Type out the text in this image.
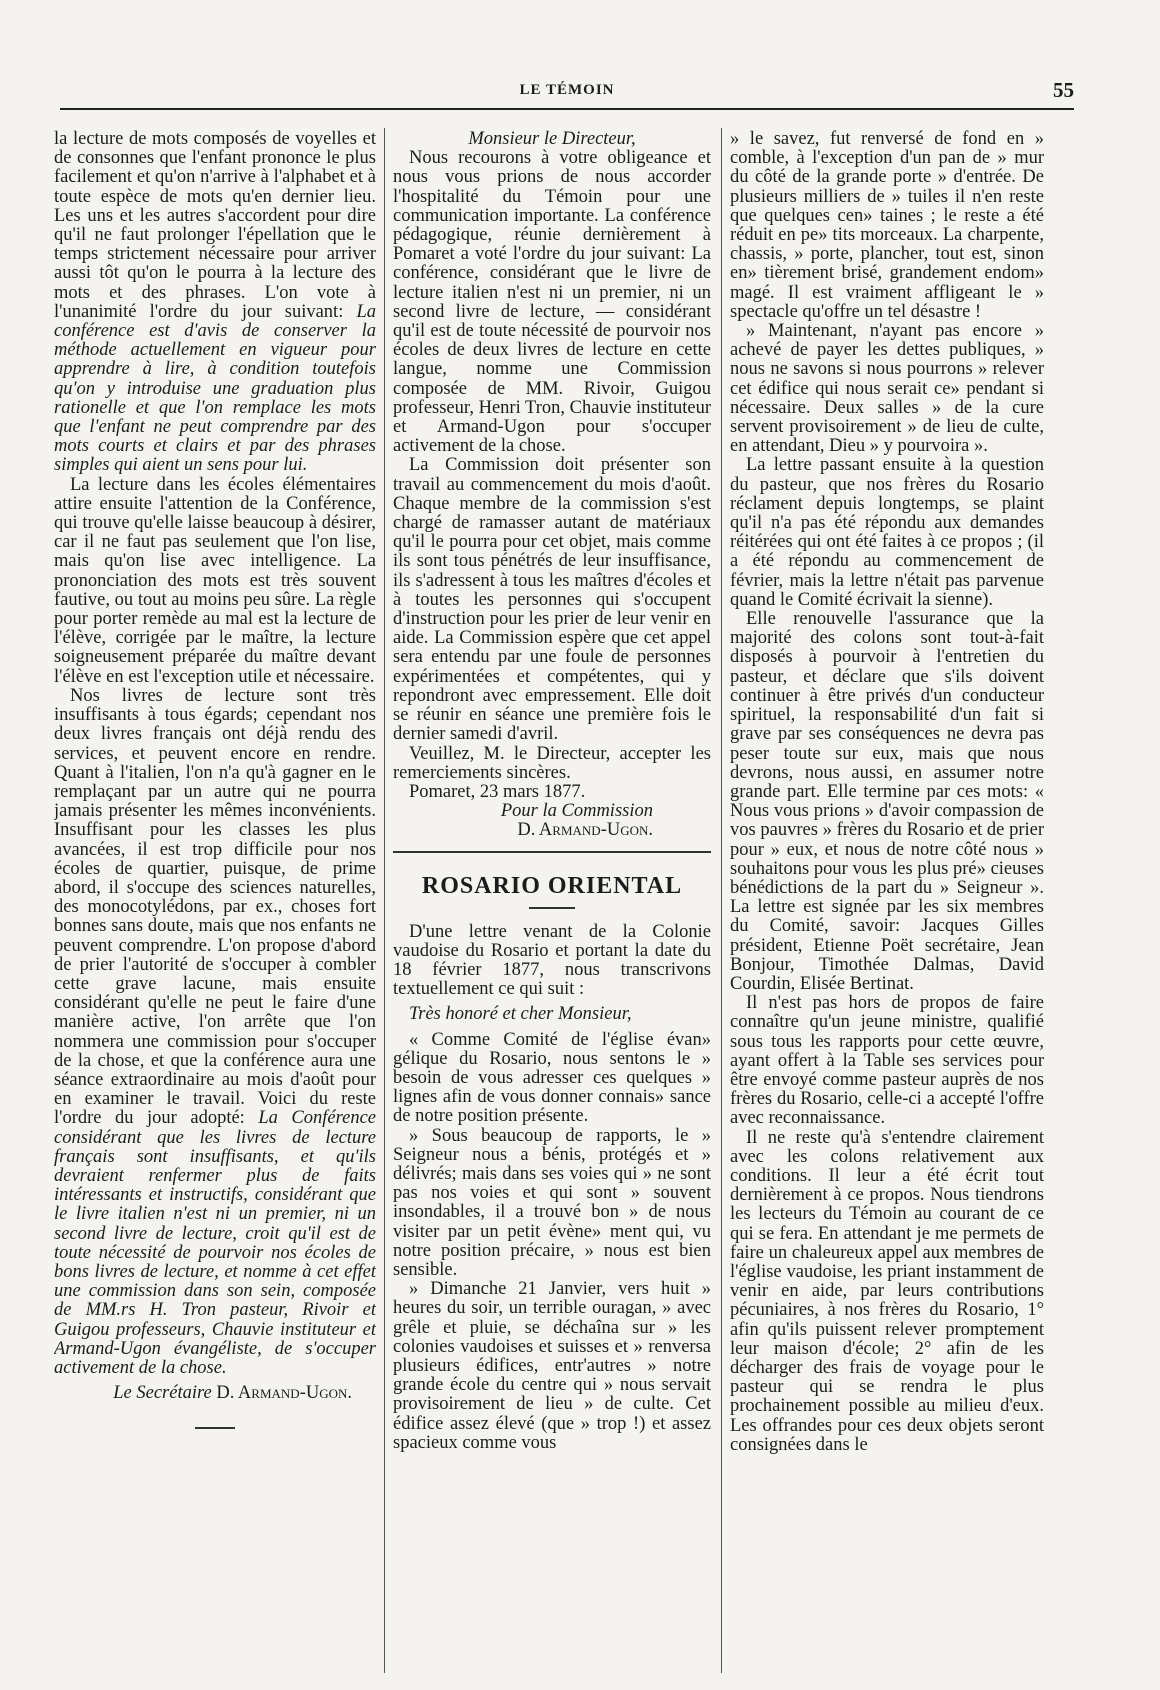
LE TÉMOIN	55

la lecture de mots composés de voyelles et de consonnes que l'enfant prononce le plus facilement et qu'on n'arrive à l'alphabet et à toute espèce de mots qu'en dernier lieu. Les uns et les autres s'accordent pour dire qu'il ne faut prolonger l'épellation que le temps strictement nécessaire pour arriver aussi tôt qu'on le pourra à la lecture des mots et des phrases. L'on vote à l'unanimité l'ordre du jour suivant: La conférence est d'avis de conserver la méthode actuellement en vigueur pour apprendre à lire, à condition toutefois qu'on y introduise une graduation plus rationelle et que l'on remplace les mots que l'enfant ne peut comprendre par des mots courts et clairs et par des phrases simples qui aient un sens pour lui.

La lecture dans les écoles élémentaires attire ensuite l'attention de la Conférence, qui trouve qu'elle laisse beaucoup à désirer, car il ne faut pas seulement que l'on lise, mais qu'on lise avec intelligence. La prononciation des mots est très souvent fautive, ou tout au moins peu sûre. La règle pour porter remède au mal est la lecture de l'élève, corrigée par le maître, la lecture soigneusement préparée du maître devant l'élève en est l'exception utile et nécessaire.

Nos livres de lecture sont très insuffisants à tous égards; cependant nos deux livres français ont déjà rendu des services, et peuvent encore en rendre. Quant à l'italien, l'on n'a qu'à gagner en le remplaçant par un autre qui ne pourra jamais présenter les mêmes inconvénients. Insuffisant pour les classes les plus avancées, il est trop difficile pour nos écoles de quartier, puisque, de prime abord, il s'occupe des sciences naturelles, des monocotylédons, par ex., choses fort bonnes sans doute, mais que nos enfants ne peuvent comprendre. L'on propose d'abord de prier l'autorité de s'occuper à combler cette grave lacune, mais ensuite considérant qu'elle ne peut le faire d'une manière active, l'on arrête que l'on nommera une commission pour s'occuper de la chose, et que la conférence aura une séance extraordinaire au mois d'août pour en examiner le travail. Voici du reste l'ordre du jour adopté: La Conférence considérant que les livres de lecture français sont insuffisants, et qu'ils devraient renfermer plus de faits intéressants et instructifs, considérant que le livre italien n'est ni un premier, ni un second livre de lecture, croit qu'il est de toute nécessité de pourvoir nos écoles de bons livres de lecture, et nomme à cet effet une commission dans son sein, composée de MM.rs H. Tron pasteur, Rivoir et Guigou professeurs, Chauvie instituteur et Armand-Ugon évangéliste, de s'occuper activement de la chose.

Le Secrétaire D. Armand-Ugon.

Monsieur le Directeur,

Nous recourons à votre obligeance et nous vous prions de nous accorder l'hospitalité du Témoin pour une communication importante. La conférence pédagogique, réunie dernièrement à Pomaret a voté l'ordre du jour suivant: La conférence, considérant que le livre de lecture italien n'est ni un premier, ni un second livre de lecture, — considérant qu'il est de toute nécessité de pourvoir nos écoles de deux livres de lecture en cette langue, nomme une Commission composée de MM. Rivoir, Guigou professeur, Henri Tron, Chauvie instituteur et Armand-Ugon pour s'occuper activement de la chose.

La Commission doit présenter son travail au commencement du mois d'août. Chaque membre de la commission s'est chargé de ramasser autant de matériaux qu'il le pourra pour cet objet, mais comme ils sont tous pénétrés de leur insuffisance, ils s'adressent à tous les maîtres d'écoles et à toutes les personnes qui s'occupent d'instruction pour les prier de leur venir en aide. La Commission espère que cet appel sera entendu par une foule de personnes expérimentées et compétentes, qui y repondront avec empressement. Elle doit se réunir en séance une première fois le dernier samedi d'avril.

Veuillez, M. le Directeur, accepter les remerciements sincères.

Pomaret, 23 mars 1877.

Pour la Commission

D. Armand-Ugon.

ROSARIO ORIENTAL

D'une lettre venant de la Colonie vaudoise du Rosario et portant la date du 18 février 1877, nous transcrivons textuellement ce qui suit :

Très honoré et cher Monsieur,

« Comme Comité de l'église évan» gélique du Rosario, nous sentons le » besoin de vous adresser ces quelques » lignes afin de vous donner connais» sance de notre position présente.

» Sous beaucoup de rapports, le » Seigneur nous a bénis, protégés et » délivrés; mais dans ses voies qui » ne sont pas nos voies et qui sont » souvent insondables, il a trouvé bon » de nous visiter par un petit évène» ment qui, vu notre position précaire, » nous est bien sensible.

» Dimanche 21 Janvier, vers huit » heures du soir, un terrible ouragan, » avec grêle et pluie, se déchaîna sur » les colonies vaudoises et suisses et » renversa plusieurs édifices, entr'autres » notre grande école du centre qui » nous servait provisoirement de lieu » de culte. Cet édifice assez élevé (que » trop !) et assez spacieux comme vous

» le savez, fut renversé de fond en » comble, à l'exception d'un pan de » mur du côté de la grande porte » d'entrée. De plusieurs milliers de » tuiles il n'en reste que quelques cen» taines ; le reste a été réduit en pe» tits morceaux. La charpente, chassis, » porte, plancher, tout est, sinon en» tièrement brisé, grandement endom» magé. Il est vraiment affligeant le » spectacle qu'offre un tel désastre !

» Maintenant, n'ayant pas encore » achevé de payer les dettes publiques, » nous ne savons si nous pourrons » relever cet édifice qui nous serait ce» pendant si nécessaire. Deux salles » de la cure servent provisoirement » de lieu de culte, en attendant, Dieu » y pourvoira ».

La lettre passant ensuite à la question du pasteur, que nos frères du Rosario réclament depuis longtemps, se plaint qu'il n'a pas été répondu aux demandes réitérées qui ont été faites à ce propos ; (il a été répondu au commencement de février, mais la lettre n'était pas parvenue quand le Comité écrivait la sienne).

Elle renouvelle l'assurance que la majorité des colons sont tout-à-fait disposés à pourvoir à l'entretien du pasteur, et déclare que s'ils doivent continuer à être privés d'un conducteur spirituel, la responsabilité d'un fait si grave par ses conséquences ne devra pas peser toute sur eux, mais que nous devrons, nous aussi, en assumer notre grande part. Elle termine par ces mots: « Nous vous prions » d'avoir compassion de vos pauvres » frères du Rosario et de prier pour » eux, et nous de notre côté nous » souhaitons pour vous les plus pré» cieuses bénédictions de la part du » Seigneur ». La lettre est signée par les six membres du Comité, savoir: Jacques Gilles président, Etienne Poët secrétaire, Jean Bonjour, Timothée Dalmas, David Courdin, Elisée Bertinat.

Il n'est pas hors de propos de faire connaître qu'un jeune ministre, qualifié sous tous les rapports pour cette œuvre, ayant offert à la Table ses services pour être envoyé comme pasteur auprès de nos frères du Rosario, celle-ci a accepté l'offre avec reconnaissance.

Il ne reste qu'à s'entendre clairement avec les colons relativement aux conditions. Il leur a été écrit tout dernièrement à ce propos. Nous tiendrons les lecteurs du Témoin au courant de ce qui se fera. En attendant je me permets de faire un chaleureux appel aux membres de l'église vaudoise, les priant instamment de venir en aide, par leurs contributions pécuniaires, à nos frères du Rosario, 1° afin qu'ils puissent relever promptement leur maison d'école; 2° afin de les décharger des frais de voyage pour le pasteur qui se rendra le plus prochainement possible au milieu d'eux. Les offrandes pour ces deux objets seront consignées dans le
